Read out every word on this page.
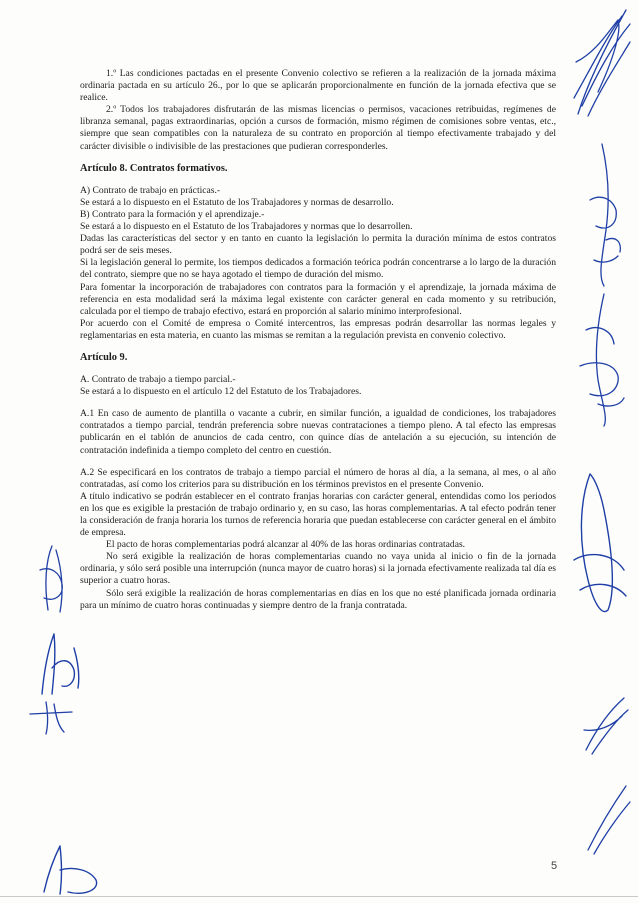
1.º Las condiciones pactadas en el presente Convenio colectivo se refieren a la realización de la jornada máxima ordinaria pactada en su artículo 26., por lo que se aplicarán proporcionalmente en función de la jornada efectiva que se realice.

2.º Todos los trabajadores disfrutarán de las mismas licencias o permisos, vacaciones retribuidas, regímenes de libranza semanal, pagas extraordinarias, opción a cursos de formación, mismo régimen de comisiones sobre ventas, etc., siempre que sean compatibles con la naturaleza de su contrato en proporción al tiempo efectivamente trabajado y del carácter divisible o indivisible de las prestaciones que pudieran corresponderles.

Artículo 8. Contratos formativos.

A) Contrato de trabajo en prácticas.-

Se estará a lo dispuesto en el Estatuto de los Trabajadores y normas de desarrollo.

B) Contrato para la formación y el aprendizaje.-

Se estará a lo dispuesto en el Estatuto de los Trabajadores y normas que lo desarrollen.

Dadas las características del sector y en tanto en cuanto la legislación lo permita la duración mínima de estos contratos podrá ser de seis meses.

Si la legislación general lo permite, los tiempos dedicados a formación teórica podrán concentrarse a lo largo de la duración del contrato, siempre que no se haya agotado el tiempo de duración del mismo.

Para fomentar la incorporación de trabajadores con contratos para la formación y el aprendizaje, la jornada máxima de referencia en esta modalidad será la máxima legal existente con carácter general en cada momento y su retribución, calculada por el tiempo de trabajo efectivo, estará en proporción al salario mínimo interprofesional.

Por acuerdo con el Comité de empresa o Comité intercentros, las empresas podrán desarrollar las normas legales y reglamentarias en esta materia, en cuanto las mismas se remitan a la regulación prevista en convenio colectivo.

Artículo 9.

A. Contrato de trabajo a tiempo parcial.-

Se estará a lo dispuesto en el artículo 12 del Estatuto de los Trabajadores.

A.1 En caso de aumento de plantilla o vacante a cubrir, en similar función, a igualdad de condiciones, los trabajadores contratados a tiempo parcial, tendrán preferencia sobre nuevas contrataciones a tiempo pleno. A tal efecto las empresas publicarán en el tablón de anuncios de cada centro, con quince días de antelación a su ejecución, su intención de contratación indefinida a tiempo completo del centro en cuestión.

A.2 Se especificará en los contratos de trabajo a tiempo parcial el número de horas al día, a la semana, al mes, o al año contratadas, así como los criterios para su distribución en los términos previstos en el presente Convenio.

A título indicativo se podrán establecer en el contrato franjas horarias con carácter general, entendidas como los periodos en los que es exigible la prestación de trabajo ordinario y, en su caso, las horas complementarias. A tal efecto podrán tener la consideración de franja horaria los turnos de referencia horaria que puedan establecerse con carácter general en el ámbito de empresa.

El pacto de horas complementarias podrá alcanzar al 40% de las horas ordinarias contratadas.

No será exigible la realización de horas complementarias cuando no vaya unida al inicio o fin de la jornada ordinaria, y sólo será posible una interrupción (nunca mayor de cuatro horas) si la jornada efectivamente realizada tal día es superior a cuatro horas.

Sólo será exigible la realización de horas complementarias en días en los que no esté planificada jornada ordinaria para un mínimo de cuatro horas continuadas y siempre dentro de la franja contratada.

5
